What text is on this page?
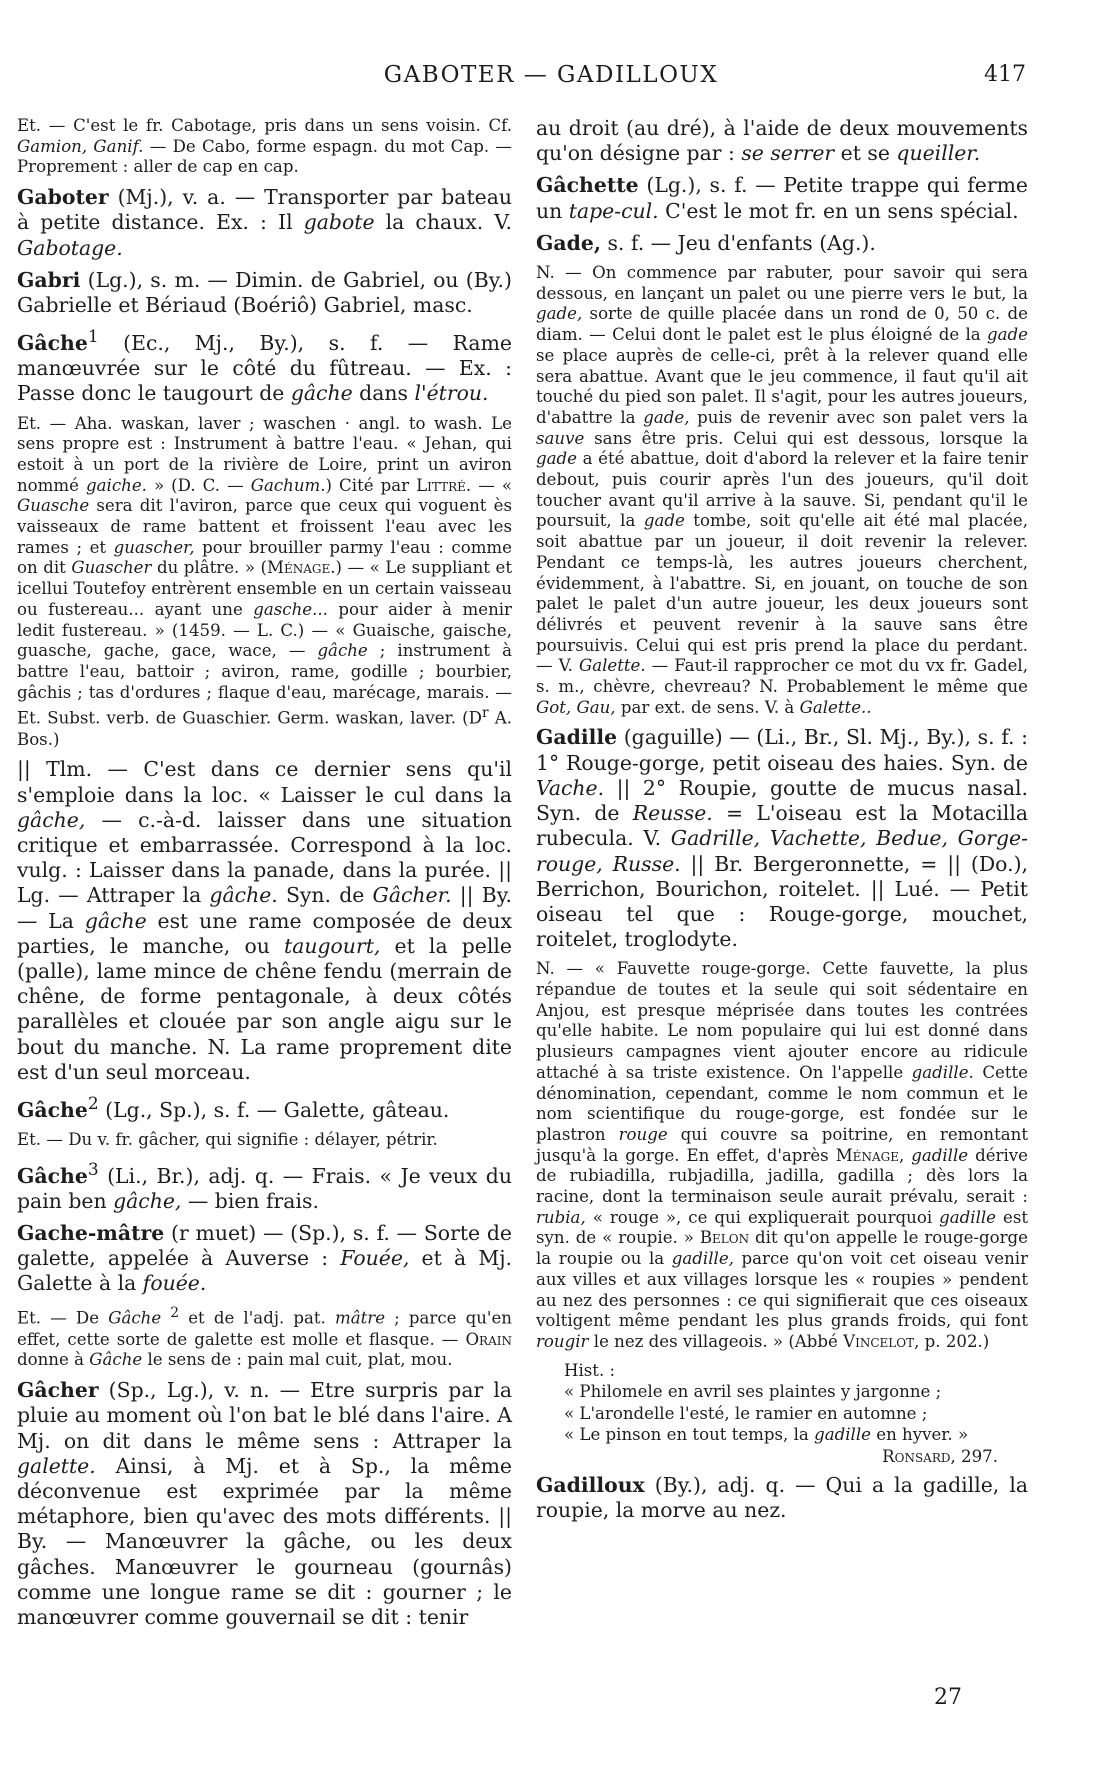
GABOTER — GADILLOUX	417

Et. — C'est le fr. Cabotage, pris dans un sens voisin. Cf. Gamion, Ganif. — De Cabo, forme espagn. du mot Cap. — Proprement : aller de cap en cap.

Gaboter (Mj.), v. a. — Transporter par bateau à petite distance. Ex. : Il gabote la chaux. V. Gabotage.

Gabri (Lg.), s. m. — Dimin. de Gabriel, ou (By.) Gabrielle et Bériaud (Boériô) Gabriel, masc.

Gâche$^1$ (Ec., Mj., By.), s. f. — Rame manœuvrée sur le côté du fûtreau. — Ex. : Passe donc le taugourt de gâche dans l'étrou.

Et. — Aha. waskan, laver ; waschen · angl. to wash. Le sens propre est : Instrument à battre l'eau. « Jehan, qui estoit à un port de la rivière de Loire, print un aviron nommé gaiche. » (D. C. — Gachum.) Cité par Littré. — « Guasche sera dit l'aviron, parce que ceux qui voguent ès vaisseaux de rame battent et froissent l'eau avec les rames ; et guascher, pour brouiller parmy l'eau : comme on dit Guascher du plâtre. » (Ménage.) — « Le suppliant et icellui Toutefoy entrèrent ensemble en un certain vaisseau ou fustereau... ayant une gasche... pour aider à menir ledit fustereau. » (1459. — L. C.) — « Guaische, gaische, guasche, gache, gace, wace, — gâche ; instrument à battre l'eau, battoir ; aviron, rame, godille ; bourbier, gâchis ; tas d'ordures ; flaque d'eau, marécage, marais. — Et. Subst. verb. de Guaschier. Germ. waskan, laver. ($D^r$ A. Bos.)

|| Tlm. — C'est dans ce dernier sens qu'il s'emploie dans la loc. « Laisser le cul dans la gâche, — c.-à-d. laisser dans une situation critique et embarrassée. Correspond à la loc. vulg. : Laisser dans la panade, dans la purée. || Lg. — Attraper la gâche. Syn. de Gâcher. || By. — La gâche est une rame composée de deux parties, le manche, ou taugourt, et la pelle (palle), lame mince de chêne fendu (merrain de chêne, de forme pentagonale, à deux côtés parallèles et clouée par son angle aigu sur le bout du manche. N. La rame proprement dite est d'un seul morceau.

Gâche$^2$ (Lg., Sp.), s. f. — Galette, gâteau.

Et. — Du v. fr. gâcher, qui signifie : délayer, pétrir.

Gâche$^3$ (Li., Br.), adj. q. — Frais. « Je veux du pain ben gâche, — bien frais.

Gache-mâtre (r muet) — (Sp.), s. f. — Sorte de galette, appelée à Auverse : Fouée, et à Mj. Galette à la fouée.

Et. — De Gâche $^2$ et de l'adj. pat. mâtre ; parce qu'en effet, cette sorte de galette est molle et flasque. — Orain donne à Gâche le sens de : pain mal cuit, plat, mou.

Gâcher (Sp., Lg.), v. n. — Etre surpris par la pluie au moment où l'on bat le blé dans l'aire. A Mj. on dit dans le même sens : Attraper la galette. Ainsi, à Mj. et à Sp., la même déconvenue est exprimée par la même métaphore, bien qu'avec des mots différents. || By. — Manœuvrer la gâche, ou les deux gâches. Manœuvrer le gourneau (gournâs) comme une longue rame se dit : gourner ; le manœuvrer comme gouvernail se dit : tenir

au droit (au dré), à l'aide de deux mouvements qu'on désigne par : se serrer et se queiller.

Gâchette (Lg.), s. f. — Petite trappe qui ferme un tape-cul. C'est le mot fr. en un sens spécial.

Gade, s. f. — Jeu d'enfants (Ag.).

N. — On commence par rabuter, pour savoir qui sera dessous, en lançant un palet ou une pierre vers le but, la gade, sorte de quille placée dans un rond de 0, 50 c. de diam. — Celui dont le palet est le plus éloigné de la gade se place auprès de celle-ci, prêt à la relever quand elle sera abattue. Avant que le jeu commence, il faut qu'il ait touché du pied son palet. Il s'agit, pour les autres joueurs, d'abattre la gade, puis de revenir avec son palet vers la sauve sans être pris. Celui qui est dessous, lorsque la gade a été abattue, doit d'abord la relever et la faire tenir debout, puis courir après l'un des joueurs, qu'il doit toucher avant qu'il arrive à la sauve. Si, pendant qu'il le poursuit, la gade tombe, soit qu'elle ait été mal placée, soit abattue par un joueur, il doit revenir la relever. Pendant ce temps-là, les autres joueurs cherchent, évidemment, à l'abattre. Si, en jouant, on touche de son palet le palet d'un autre joueur, les deux joueurs sont délivrés et peuvent revenir à la sauve sans être poursuivis. Celui qui est pris prend la place du perdant. — V. Galette. — Faut-il rapprocher ce mot du vx fr. Gadel, s. m., chèvre, chevreau? N. Probablement le même que Got, Gau, par ext. de sens. V. à Galette..

Gadille (gaguille) — (Li., Br., Sl. Mj., By.), s. f. : 1° Rouge-gorge, petit oiseau des haies. Syn. de Vache. || 2° Roupie, goutte de mucus nasal. Syn. de Reusse. = L'oiseau est la Motacilla rubecula. V. Gadrille, Vachette, Bedue, Gorge-rouge, Russe. || Br. Bergeronnette, = || (Do.), Berrichon, Bourichon, roitelet. || Lué. — Petit oiseau tel que : Rouge-gorge, mouchet, roitelet, troglodyte.

N. — « Fauvette rouge-gorge. Cette fauvette, la plus répandue de toutes et la seule qui soit sédentaire en Anjou, est presque méprisée dans toutes les contrées qu'elle habite. Le nom populaire qui lui est donné dans plusieurs campagnes vient ajouter encore au ridicule attaché à sa triste existence. On l'appelle gadille. Cette dénomination, cependant, comme le nom commun et le nom scientifique du rouge-gorge, est fondée sur le plastron rouge qui couvre sa poitrine, en remontant jusqu'à la gorge. En effet, d'après Ménage, gadille dérive de rubiadilla, rubjadilla, jadilla, gadilla ; dès lors la racine, dont la terminaison seule aurait prévalu, serait : rubia, « rouge », ce qui expliquerait pourquoi gadille est syn. de « roupie. » Belon dit qu'on appelle le rouge-gorge la roupie ou la gadille, parce qu'on voit cet oiseau venir aux villes et aux villages lorsque les « roupies » pendent au nez des personnes : ce qui signifierait que ces oiseaux voltigent même pendant les plus grands froids, qui font rougir le nez des villageois. » (Abbé Vincelot, p. 202.)

Hist. :
« Philomele en avril ses plaintes y jargonne ;
« L'arondelle l'esté, le ramier en automne ;
« Le pinson en tout temps, la gadille en hyver. »
Ronsard, 297.

Gadilloux (By.), adj. q. — Qui a la gadille, la roupie, la morve au nez.

27
